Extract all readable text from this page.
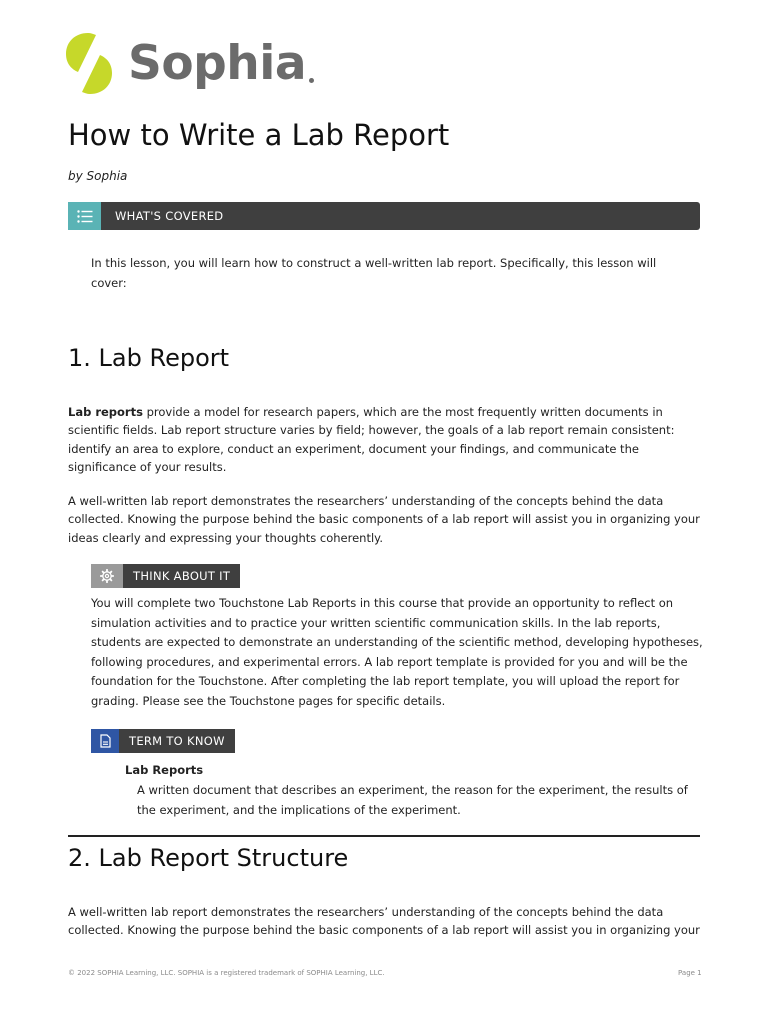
Sophia
How to Write a Lab Report
by Sophia
WHAT'S COVERED

In this lesson, you will learn how to construct a well-written lab report. Specifically, this lesson will cover:

1. Lab Report

Lab reports provide a model for research papers, which are the most frequently written documents in scientific fields. Lab report structure varies by field; however, the goals of a lab report remain consistent: identify an area to explore, conduct an experiment, document your findings, and communicate the significance of your results.

A well-written lab report demonstrates the researchers’ understanding of the concepts behind the data collected. Knowing the purpose behind the basic components of a lab report will assist you in organizing your ideas clearly and expressing your thoughts coherently.

THINK ABOUT IT

You will complete two Touchstone Lab Reports in this course that provide an opportunity to reflect on simulation activities and to practice your written scientific communication skills. In the lab reports, students are expected to demonstrate an understanding of the scientific method, developing hypotheses, following procedures, and experimental errors. A lab report template is provided for you and will be the foundation for the Touchstone. After completing the lab report template, you will upload the report for grading. Please see the Touchstone pages for specific details.

TERM TO KNOW
Lab Reports

A written document that describes an experiment, the reason for the experiment, the results of the experiment, and the implications of the experiment.

2. Lab Report Structure

A well-written lab report demonstrates the researchers’ understanding of the concepts behind the data collected. Knowing the purpose behind the basic components of a lab report will assist you in organizing your

© 2022 SOPHIA Learning, LLC. SOPHIA is a registered trademark of SOPHIA Learning, LLC.	Page 1
